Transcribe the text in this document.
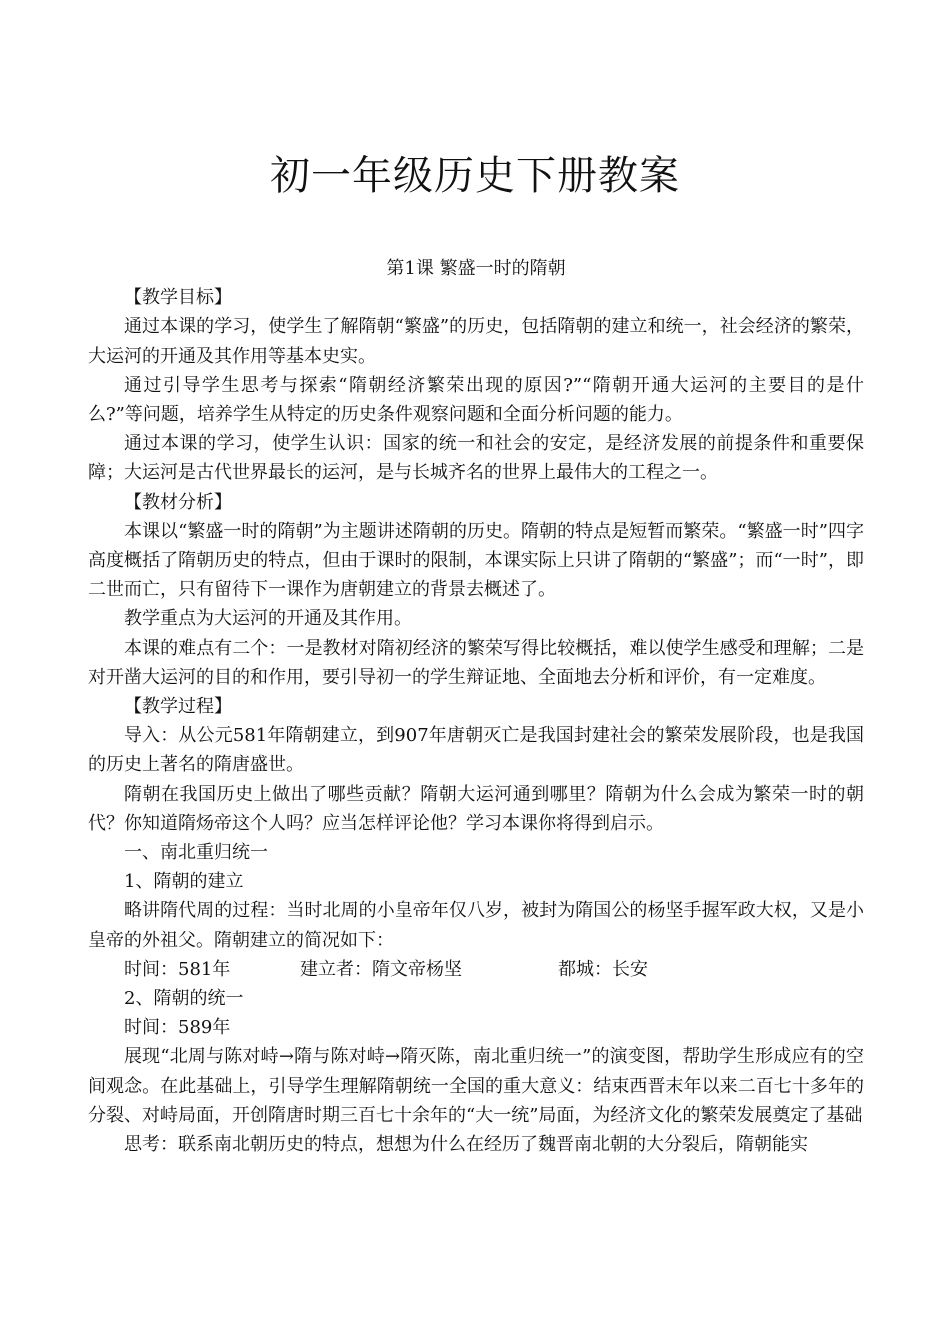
初一年级历史下册教案

第1课 繁盛一时的隋朝

【教学目标】

通过本课的学习，使学生了解隋朝“繁盛”的历史，包括隋朝的建立和统一，社会经济的繁荣，大运河的开通及其作用等基本史实。

通过引导学生思考与探索“隋朝经济繁荣出现的原因?”“隋朝开通大运河的主要目的是什么?”等问题，培养学生从特定的历史条件观察问题和全面分析问题的能力。

通过本课的学习，使学生认识：国家的统一和社会的安定，是经济发展的前提条件和重要保障；大运河是古代世界最长的运河，是与长城齐名的世界上最伟大的工程之一。

【教材分析】

本课以“繁盛一时的隋朝”为主题讲述隋朝的历史。隋朝的特点是短暂而繁荣。“繁盛一时”四字高度概括了隋朝历史的特点，但由于课时的限制，本课实际上只讲了隋朝的“繁盛”；而“一时”，即二世而亡，只有留待下一课作为唐朝建立的背景去概述了。

教学重点为大运河的开通及其作用。

本课的难点有二个：一是教材对隋初经济的繁荣写得比较概括，难以使学生感受和理解；二是对开凿大运河的目的和作用，要引导初一的学生辩证地、全面地去分析和评价，有一定难度。

【教学过程】

导入：从公元581年隋朝建立，到907年唐朝灭亡是我国封建社会的繁荣发展阶段，也是我国的历史上著名的隋唐盛世。

隋朝在我国历史上做出了哪些贡献？隋朝大运河通到哪里？隋朝为什么会成为繁荣一时的朝代？你知道隋炀帝这个人吗？应当怎样评论他？学习本课你将得到启示。

一、南北重归统一

1、隋朝的建立

略讲隋代周的过程：当时北周的小皇帝年仅八岁，被封为隋国公的杨坚手握军政大权，又是小皇帝的外祖父。隋朝建立的简况如下：

时间：581年	建立者：隋文帝杨坚	都城：长安

2、隋朝的统一

时间：589年

展现“北周与陈对峙→隋与陈对峙→隋灭陈，南北重归统一”的演变图，帮助学生形成应有的空间观念。在此基础上，引导学生理解隋朝统一全国的重大意义：结束西晋末年以来二百七十多年的分裂、对峙局面，开创隋唐时期三百七十余年的“大一统”局面，为经济文化的繁荣发展奠定了基础

思考：联系南北朝历史的特点，想想为什么在经历了魏晋南北朝的大分裂后，隋朝能实
